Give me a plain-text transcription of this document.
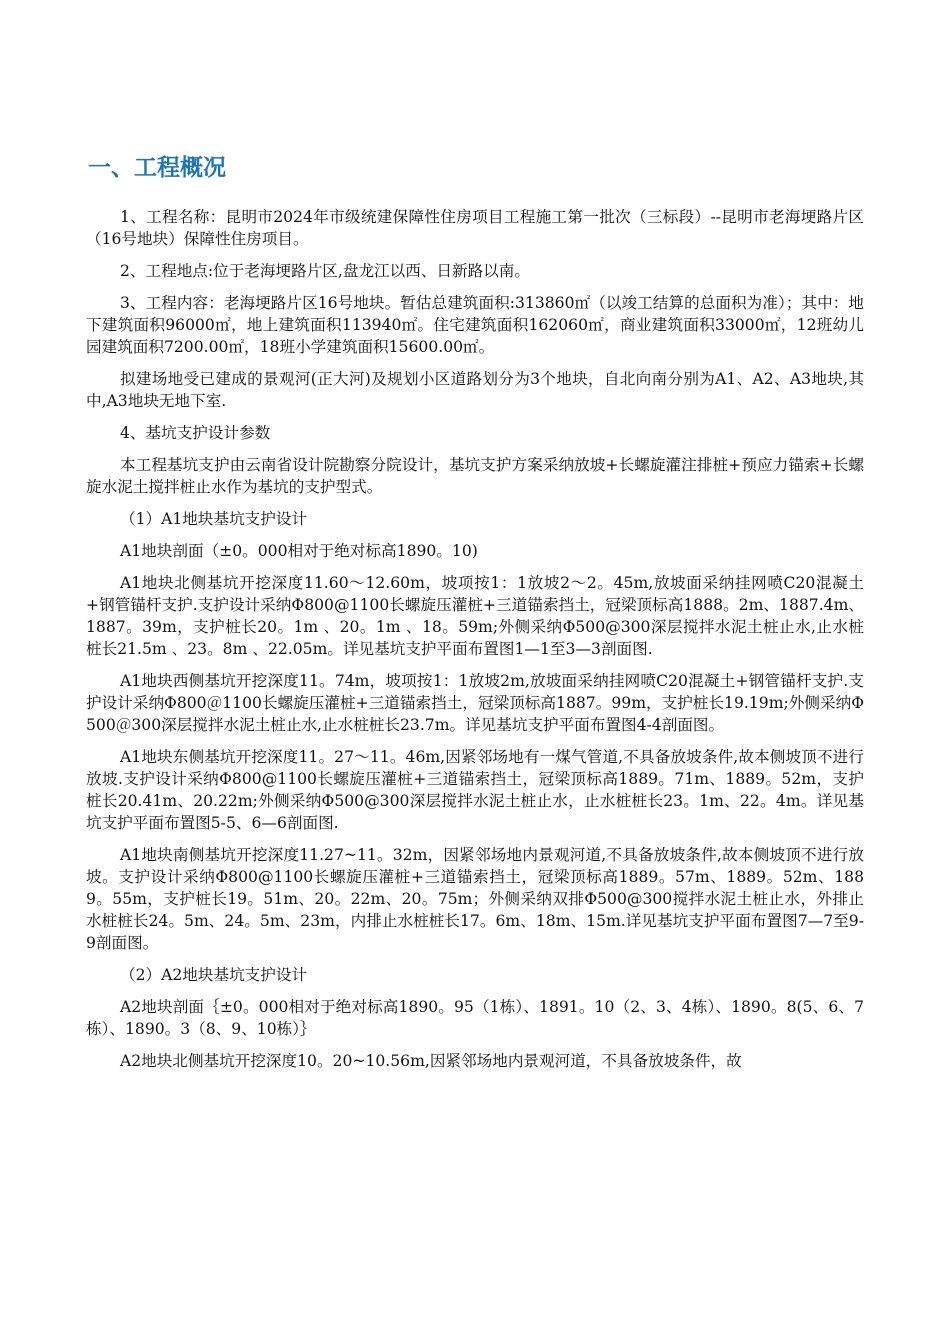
一、工程概况

1、工程名称：昆明市2024年市级统建保障性住房项目工程施工第一批次（三标段）--昆明市老海埂路片区（16号地块）保障性住房项目。

2、工程地点:位于老海埂路片区,盘龙江以西、日新路以南。

3、工程内容：老海埂路片区16号地块。暂估总建筑面积:313860㎡（以竣工结算的总面积为准）；其中：地下建筑面积96000㎡，地上建筑面积113940㎡。住宅建筑面积162060㎡，商业建筑面积33000㎡，12班幼儿园建筑面积7200.00㎡，18班小学建筑面积15600.00㎡。

拟建场地受已建成的景观河(正大河)及规划小区道路划分为3个地块，自北向南分别为A1、A2、A3地块,其中,A3地块无地下室.

4、基坑支护设计参数

本工程基坑支护由云南省设计院勘察分院设计，基坑支护方案采纳放坡+长螺旋灌注排桩+预应力锚索+长螺旋水泥土搅拌桩止水作为基坑的支护型式。

（1）A1地块基坑支护设计

A1地块剖面（±0。000相对于绝对标高1890。10)

A1地块北侧基坑开挖深度11.60～12.60m，坡项按1：1放坡2～2。45m,放坡面采纳挂网喷C20混凝土+钢管锚杆支护.支护设计采纳Φ800@1100长螺旋压灌桩+三道锚索挡土，冠梁顶标高1888。2m、1887.4m、1887。39m，支护桩长20。1m 、20。1m 、18。59m;外侧采纳Φ500@300深层搅拌水泥土桩止水,止水桩桩长21.5m 、23。8m 、22.05m。详见基坑支护平面布置图1—1至3—3剖面图.

A1地块西侧基坑开挖深度11。74m，坡项按1：1放坡2m,放坡面采纳挂网喷C20混凝土+钢管锚杆支护.支护设计采纳Φ800＠1100长螺旋压灌桩+三道锚索挡土，冠梁顶标高1887。99m，支护桩长19.19m;外侧采纳Φ500＠300深层搅拌水泥土桩止水,止水桩桩长23.7m。详见基坑支护平面布置图4-4剖面图。

A1地块东侧基坑开挖深度11。27～11。46m,因紧邻场地有一煤气管道,不具备放坡条件,故本侧坡顶不进行放坡.支护设计采纳Φ800@1100长螺旋压灌桩+三道锚索挡土，冠梁顶标高1889。71m、1889。52m，支护桩长20.41m、20.22m;外侧采纳Φ500@300深层搅拌水泥土桩止水，止水桩桩长23。1m、22。4m。详见基坑支护平面布置图5-5、6—6剖面图.

A1地块南侧基坑开挖深度11.27~11。32m，因紧邻场地内景观河道,不具备放坡条件,故本侧坡顶不进行放坡。支护设计采纳Φ800@1100长螺旋压灌桩+三道锚索挡土，冠梁顶标高1889。57m、1889。52m、1889。55m，支护桩长19。51m、20。22m、20。75m；外侧采纳双排Φ500@300搅拌水泥土桩止水，外排止水桩桩长24。5m、24。5m、23m，内排止水桩桩长17。6m、18m、15m.详见基坑支护平面布置图7—7至9-9剖面图。

（2）A2地块基坑支护设计

A2地块剖面｛±0。000相对于绝对标高1890。95（1栋）、1891。10（2、3、4栋）、1890。8(5、6、7栋）、1890。3（8、9、10栋）｝

A2地块北侧基坑开挖深度10。20~10.56m,因紧邻场地内景观河道，不具备放坡条件，故
